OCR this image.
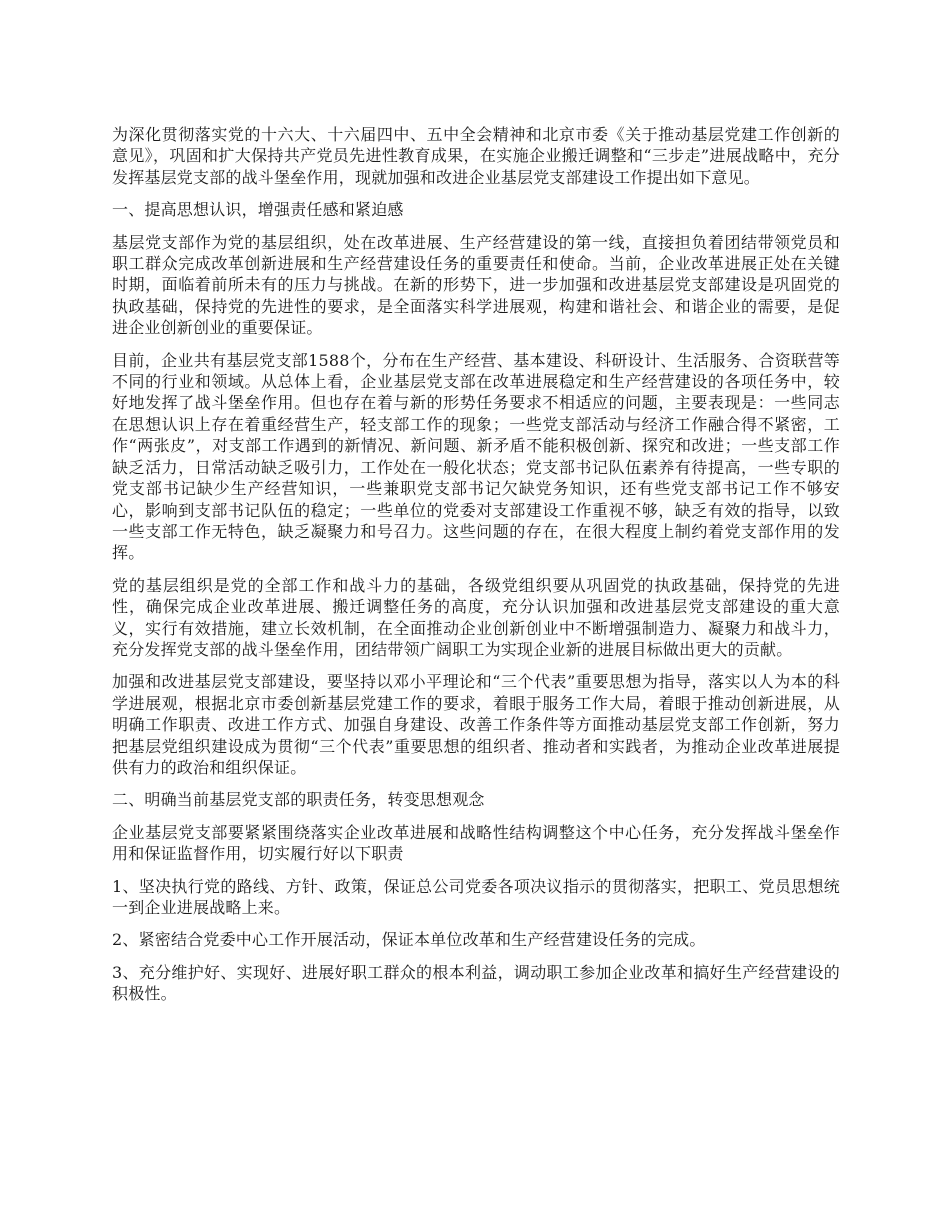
为深化贯彻落实党的十六大、十六届四中、五中全会精神和北京市委《关于推动基层党建工作创新的意见》，巩固和扩大保持共产党员先进性教育成果，在实施企业搬迁调整和“三步走”进展战略中，充分发挥基层党支部的战斗堡垒作用，现就加强和改进企业基层党支部建设工作提出如下意见。

一、提高思想认识，增强责任感和紧迫感

基层党支部作为党的基层组织，处在改革进展、生产经营建设的第一线，直接担负着团结带领党员和职工群众完成改革创新进展和生产经营建设任务的重要责任和使命。当前，企业改革进展正处在关键时期，面临着前所未有的压力与挑战。在新的形势下，进一步加强和改进基层党支部建设是巩固党的执政基础，保持党的先进性的要求，是全面落实科学进展观，构建和谐社会、和谐企业的需要，是促进企业创新创业的重要保证。

目前，企业共有基层党支部1588个，分布在生产经营、基本建设、科研设计、生活服务、合资联营等不同的行业和领域。从总体上看，企业基层党支部在改革进展稳定和生产经营建设的各项任务中，较好地发挥了战斗堡垒作用。但也存在着与新的形势任务要求不相适应的问题，主要表现是：一些同志在思想认识上存在着重经营生产，轻支部工作的现象；一些党支部活动与经济工作融合得不紧密，工作“两张皮”，对支部工作遇到的新情况、新问题、新矛盾不能积极创新、探究和改进；一些支部工作缺乏活力，日常活动缺乏吸引力，工作处在一般化状态；党支部书记队伍素养有待提高，一些专职的党支部书记缺少生产经营知识，一些兼职党支部书记欠缺党务知识，还有些党支部书记工作不够安心，影响到支部书记队伍的稳定；一些单位的党委对支部建设工作重视不够，缺乏有效的指导，以致一些支部工作无特色，缺乏凝聚力和号召力。这些问题的存在，在很大程度上制约着党支部作用的发挥。

党的基层组织是党的全部工作和战斗力的基础，各级党组织要从巩固党的执政基础，保持党的先进性，确保完成企业改革进展、搬迁调整任务的高度，充分认识加强和改进基层党支部建设的重大意义，实行有效措施，建立长效机制，在全面推动企业创新创业中不断增强制造力、凝聚力和战斗力，充分发挥党支部的战斗堡垒作用，团结带领广阔职工为实现企业新的进展目标做出更大的贡献。

加强和改进基层党支部建设，要坚持以邓小平理论和“三个代表”重要思想为指导，落实以人为本的科学进展观，根据北京市委创新基层党建工作的要求，着眼于服务工作大局，着眼于推动创新进展，从明确工作职责、改进工作方式、加强自身建设、改善工作条件等方面推动基层党支部工作创新，努力把基层党组织建设成为贯彻“三个代表”重要思想的组织者、推动者和实践者，为推动企业改革进展提供有力的政治和组织保证。

二、明确当前基层党支部的职责任务，转变思想观念

企业基层党支部要紧紧围绕落实企业改革进展和战略性结构调整这个中心任务，充分发挥战斗堡垒作用和保证监督作用，切实履行好以下职责

1、坚决执行党的路线、方针、政策，保证总公司党委各项决议指示的贯彻落实，把职工、党员思想统一到企业进展战略上来。

2、紧密结合党委中心工作开展活动，保证本单位改革和生产经营建设任务的完成。

3、充分维护好、实现好、进展好职工群众的根本利益，调动职工参加企业改革和搞好生产经营建设的积极性。
